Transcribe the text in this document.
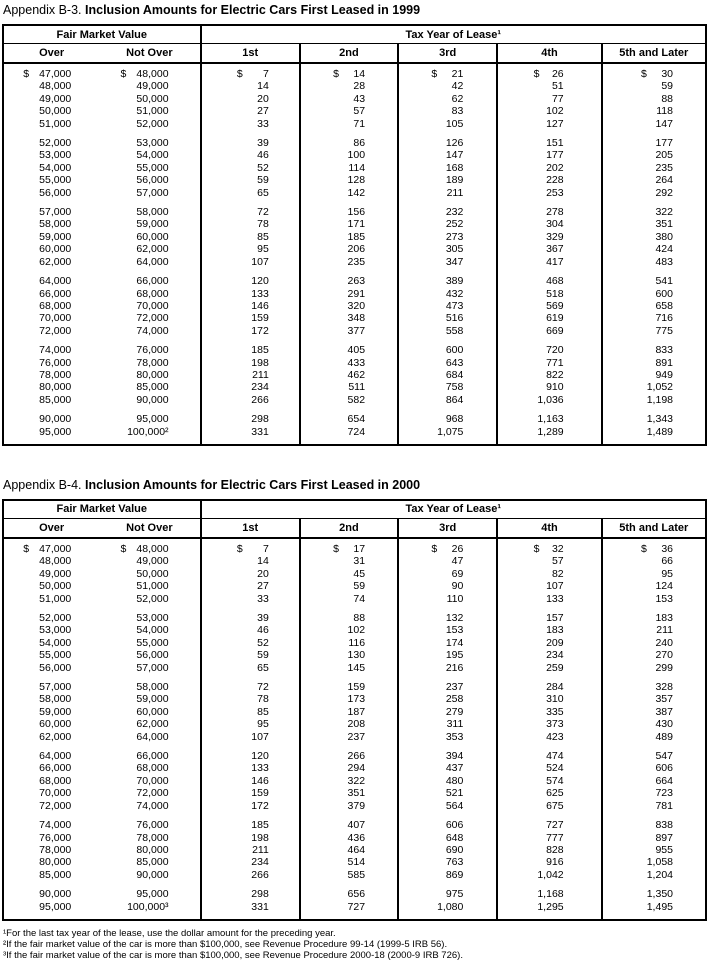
Appendix B-3. Inclusion Amounts for Electric Cars First Leased in 1999
Fair Market Value		Tax Year of Lease¹				
Over	Not Over	1st	2nd	3rd	4th	5th and Later

$ 47,000	$ 48,000	$ 7	$ 14	$ 21	$ 26	$ 30

48,000	49,000	14	28	42	51	59

49,000	50,000	20	43	62	77	88

50,000	51,000	27	57	83	102	118

51,000	52,000	33	71	105	127	147

52,000	53,000	39	86	126	151	177

53,000	54,000	46	100	147	177	205

54,000	55,000	52	114	168	202	235

55,000	56,000	59	128	189	228	264

56,000	57,000	65	142	211	253	292

57,000	58,000	72	156	232	278	322

58,000	59,000	78	171	252	304	351

59,000	60,000	85	185	273	329	380

60,000	62,000	95	206	305	367	424

62,000	64,000	107	235	347	417	483

64,000	66,000	120	263	389	468	541

66,000	68,000	133	291	432	518	600

68,000	70,000	146	320	473	569	658

70,000	72,000	159	348	516	619	716

72,000	74,000	172	377	558	669	775

74,000	76,000	185	405	600	720	833

76,000	78,000	198	433	643	771	891

78,000	80,000	211	462	684	822	949

80,000	85,000	234	511	758	910	1,052

85,000	90,000	266	582	864	1,036	1,198

90,000	95,000	298	654	968	1,163	1,343

95,000	100,000²	331	724	1,075	1,289	1,489
Appendix B-4. Inclusion Amounts for Electric Cars First Leased in 2000
Fair Market Value		Tax Year of Lease¹				
Over	Not Over	1st	2nd	3rd	4th	5th and Later

$ 47,000	$ 48,000	$ 7	$ 17	$ 26	$ 32	$ 36

48,000	49,000	14	31	47	57	66

49,000	50,000	20	45	69	82	95

50,000	51,000	27	59	90	107	124

51,000	52,000	33	74	110	133	153

52,000	53,000	39	88	132	157	183

53,000	54,000	46	102	153	183	211

54,000	55,000	52	116	174	209	240

55,000	56,000	59	130	195	234	270

56,000	57,000	65	145	216	259	299

57,000	58,000	72	159	237	284	328

58,000	59,000	78	173	258	310	357

59,000	60,000	85	187	279	335	387

60,000	62,000	95	208	311	373	430

62,000	64,000	107	237	353	423	489

64,000	66,000	120	266	394	474	547

66,000	68,000	133	294	437	524	606

68,000	70,000	146	322	480	574	664

70,000	72,000	159	351	521	625	723

72,000	74,000	172	379	564	675	781

74,000	76,000	185	407	606	727	838

76,000	78,000	198	436	648	777	897

78,000	80,000	211	464	690	828	955

80,000	85,000	234	514	763	916	1,058

85,000	90,000	266	585	869	1,042	1,204

90,000	95,000	298	656	975	1,168	1,350

95,000	100,000³	331	727	1,080	1,295	1,495

¹For the last tax year of the lease, use the dollar amount for the preceding year.

²If the fair market value of the car is more than $100,000, see Revenue Procedure 99-14 (1999-5 IRB 56).

³If the fair market value of the car is more than $100,000, see Revenue Procedure 2000-18 (2000-9 IRB 726).
